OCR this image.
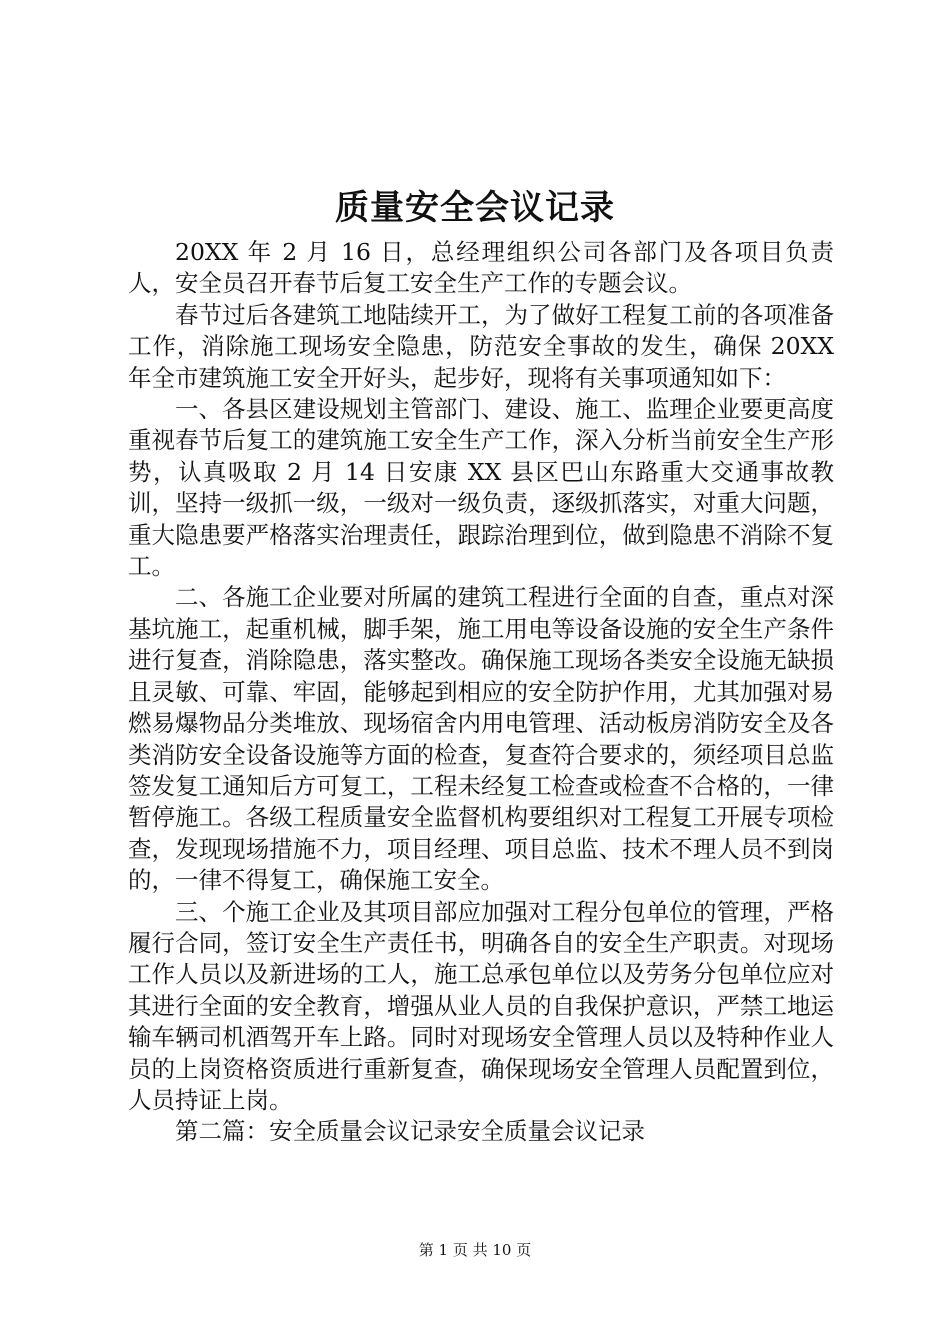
质量安全会议记录

20XX 年 2 月 16 日，总经理组织公司各部门及各项目负责人，安全员召开春节后复工安全生产工作的专题会议。

春节过后各建筑工地陆续开工，为了做好工程复工前的各项准备工作，消除施工现场安全隐患，防范安全事故的发生，确保 20XX 年全市建筑施工安全开好头，起步好，现将有关事项通知如下：

一、各县区建设规划主管部门、建设、施工、监理企业要更高度重视春节后复工的建筑施工安全生产工作，深入分析当前安全生产形势，认真吸取 2 月 14 日安康 XX 县区巴山东路重大交通事故教训，坚持一级抓一级，一级对一级负责，逐级抓落实，对重大问题，重大隐患要严格落实治理责任，跟踪治理到位，做到隐患不消除不复工。

二、各施工企业要对所属的建筑工程进行全面的自查，重点对深基坑施工，起重机械，脚手架，施工用电等设备设施的安全生产条件进行复查，消除隐患，落实整改。确保施工现场各类安全设施无缺损且灵敏、可靠、牢固，能够起到相应的安全防护作用，尤其加强对易燃易爆物品分类堆放、现场宿舍内用电管理、活动板房消防安全及各类消防安全设备设施等方面的检查，复查符合要求的，须经项目总监签发复工通知后方可复工，工程未经复工检查或检查不合格的，一律暂停施工。各级工程质量安全监督机构要组织对工程复工开展专项检查，发现现场措施不力，项目经理、项目总监、技术不理人员不到岗的，一律不得复工，确保施工安全。

三、个施工企业及其项目部应加强对工程分包单位的管理，严格履行合同，签订安全生产责任书，明确各自的安全生产职责。对现场工作人员以及新进场的工人，施工总承包单位以及劳务分包单位应对其进行全面的安全教育，增强从业人员的自我保护意识，严禁工地运输车辆司机酒驾开车上路。同时对现场安全管理人员以及特种作业人员的上岗资格资质进行重新复查，确保现场安全管理人员配置到位，人员持证上岗。

第二篇：安全质量会议记录安全质量会议记录

第 1 页 共 10 页
